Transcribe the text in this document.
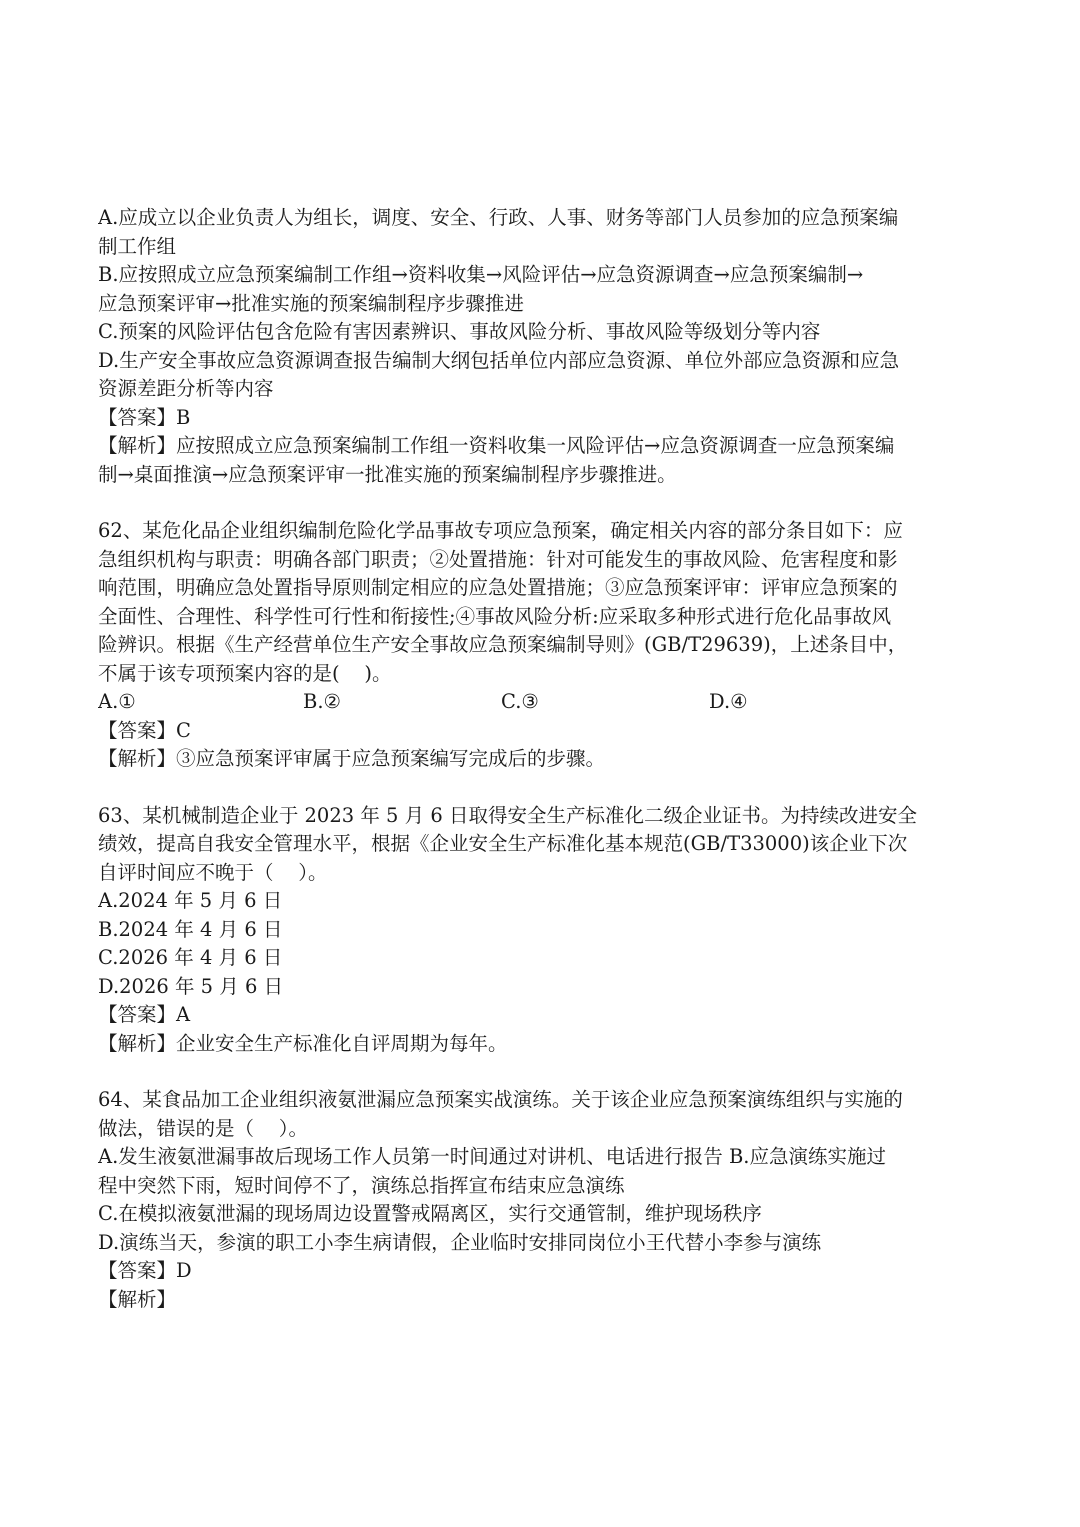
A.应成立以企业负责人为组长，调度、安全、行政、人事、财务等部门人员参加的应急预案编
制工作组
B.应按照成立应急预案编制工作组→资料收集→风险评估→应急资源调查→应急预案编制→
应急预案评审→批准实施的预案编制程序步骤推进
C.预案的风险评估包含危险有害因素辨识、事故风险分析、事故风险等级划分等内容
D.生产安全事故应急资源调查报告编制大纲包括单位内部应急资源、单位外部应急资源和应急
资源差距分析等内容
【答案】B
【解析】应按照成立应急预案编制工作组一资料收集一风险评估→应急资源调查一应急预案编
制→桌面推演→应急预案评审一批准实施的预案编制程序步骤推进。
62、某危化品企业组织编制危险化学品事故专项应急预案，确定相关内容的部分条目如下：应
急组织机构与职责：明确各部门职责；②处置措施：针对可能发生的事故风险、危害程度和影
响范围，明确应急处置指导原则制定相应的应急处置措施；③应急预案评审：评审应急预案的
全面性、合理性、科学性可行性和衔接性;④事故风险分析:应采取多种形式进行危化品事故风
险辨识。根据《生产经营单位生产安全事故应急预案编制导则》(GB/T29639)，上述条目中，
不属于该专项预案内容的是(    )。
A.①	B.②	C.③	D.④
【答案】C
【解析】③应急预案评审属于应急预案编写完成后的步骤。
63、某机械制造企业于 2023 年 5 月 6 日取得安全生产标准化二级企业证书。为持续改进安全
绩效，提高自我安全管理水平，根据《企业安全生产标准化基本规范(GB/T33000)该企业下次
自评时间应不晚于（    ）。
A.2024 年 5 月 6 日
B.2024 年 4 月 6 日
C.2026 年 4 月 6 日
D.2026 年 5 月 6 日
【答案】A
【解析】企业安全生产标准化自评周期为每年。
64、某食品加工企业组织液氨泄漏应急预案实战演练。关于该企业应急预案演练组织与实施的
做法，错误的是（    ）。
A.发生液氨泄漏事故后现场工作人员第一时间通过对讲机、电话进行报告 B.应急演练实施过
程中突然下雨，短时间停不了，演练总指挥宣布结束应急演练
C.在模拟液氨泄漏的现场周边设置警戒隔离区，实行交通管制，维护现场秩序
D.演练当天，参演的职工小李生病请假，企业临时安排同岗位小王代替小李参与演练
【答案】D
【解析】
